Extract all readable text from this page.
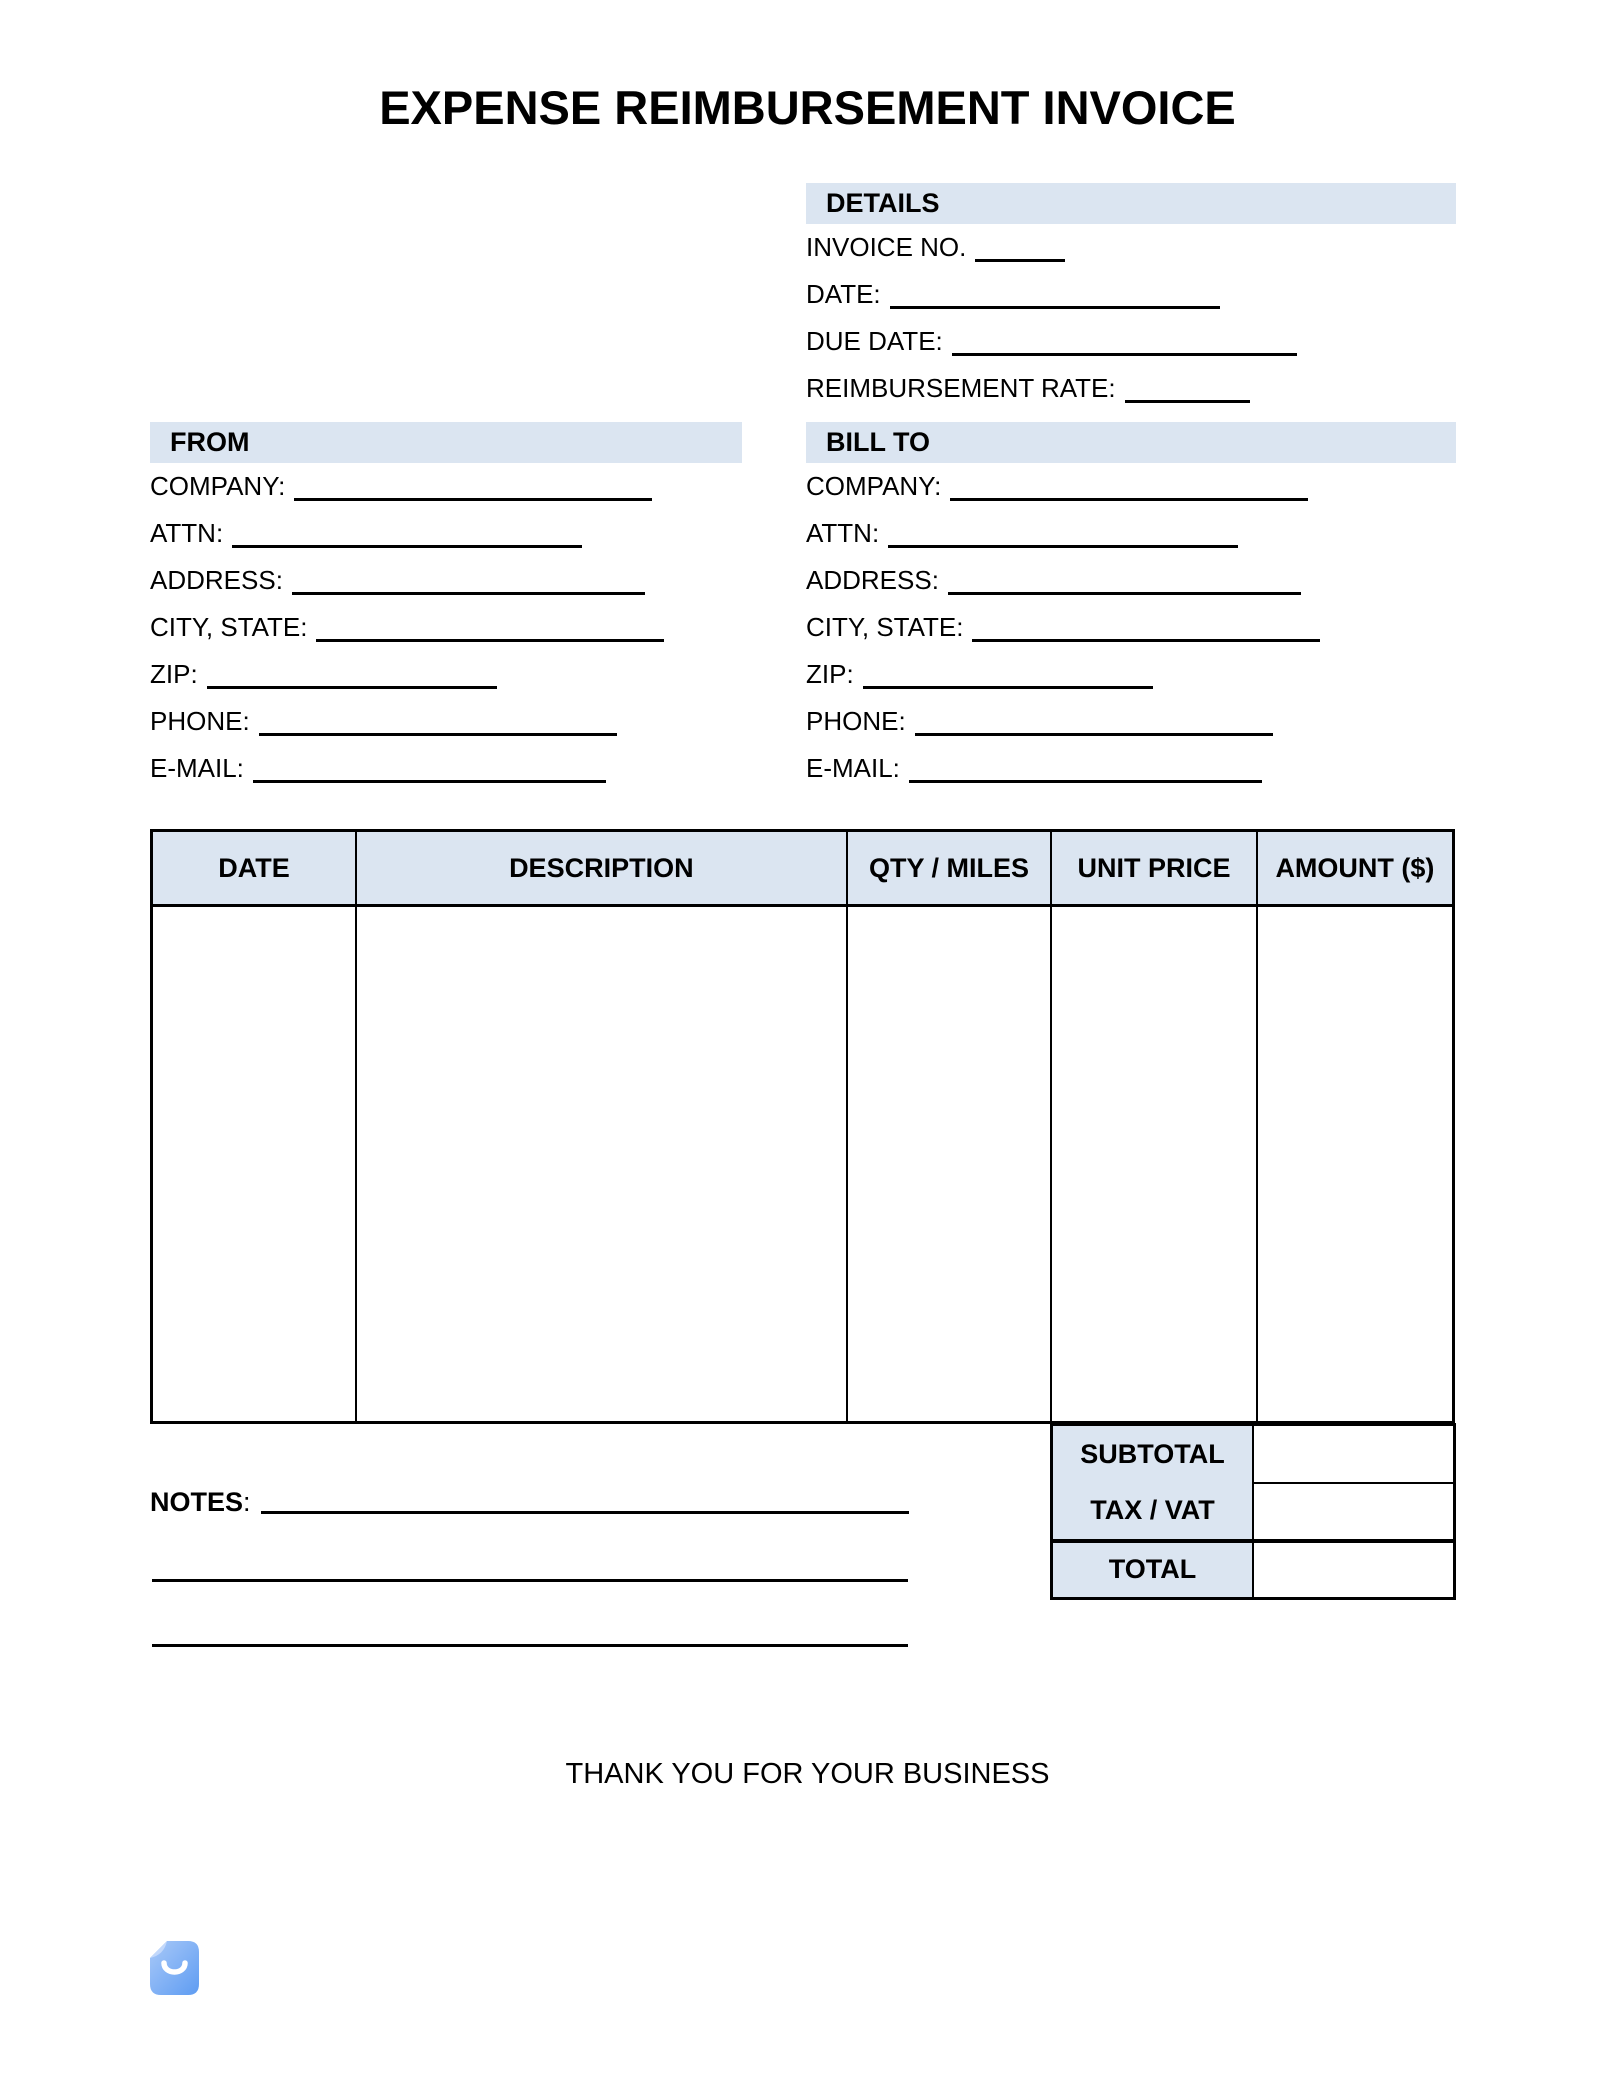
EXPENSE REIMBURSEMENT INVOICE
DETAILS
INVOICE NO.
DATE:
DUE DATE:
REIMBURSEMENT RATE:
FROM
COMPANY:
ATTN:
ADDRESS:
CITY, STATE:
ZIP:
PHONE:
E-MAIL:
BILL TO
COMPANY:
ATTN:
ADDRESS:
CITY, STATE:
ZIP:
PHONE:
E-MAIL:
DATE	DESCRIPTION	QTY / MILES	UNIT PRICE	AMOUNT ($)

SUBTOTAL	
TAX / VAT	
TOTAL	
NOTES:
THANK YOU FOR YOUR BUSINESS
